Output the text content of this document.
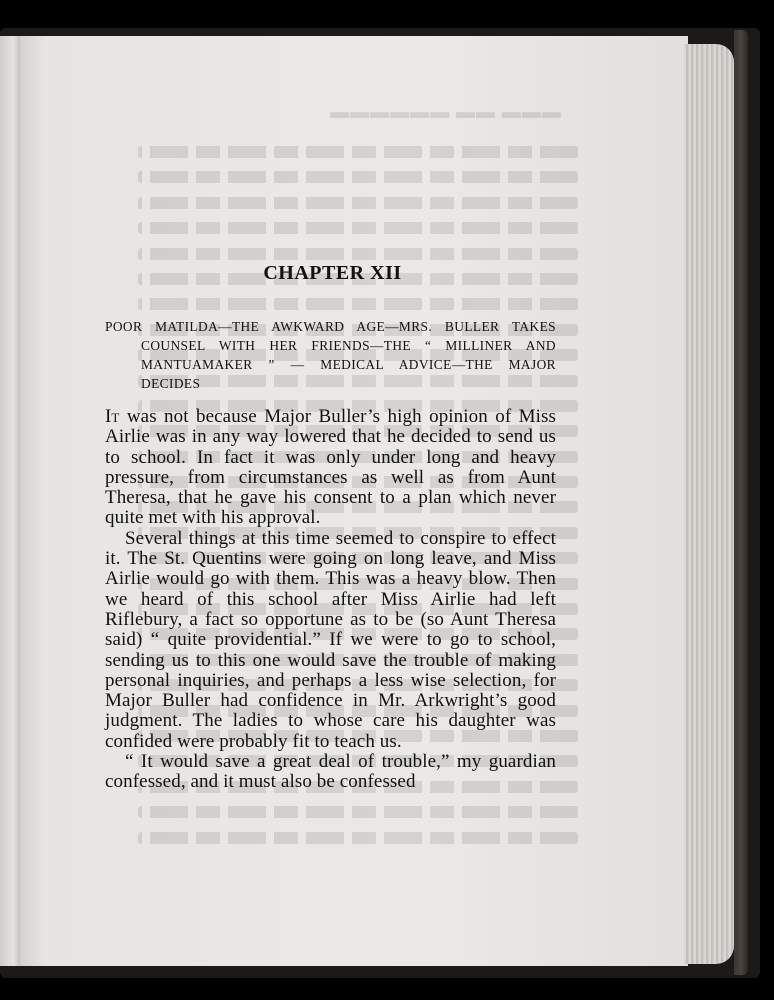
▬▬▬ ▬▬ ▬▬▬▬▬▬
CHAPTER XII

POOR MATILDA—THE AWKWARD AGE—MRS. BULLER TAKES COUNSEL WITH HER FRIENDS—THE “ MILLINER AND MANTUAMAKER ” — MEDICAL ADVICE—THE MAJOR DECIDES

It was not because Major Buller’s high opinion of Miss Airlie was in any way lowered that he decided to send us to school. In fact it was only under long and heavy pressure, from circumstances as well as from Aunt Theresa, that he gave his consent to a plan which never quite met with his approval.

Several things at this time seemed to conspire to effect it. The St. Quentins were going on long leave, and Miss Airlie would go with them. This was a heavy blow. Then we heard of this school after Miss Airlie had left Riflebury, a fact so opportune as to be (so Aunt Theresa said) “ quite providential.” If we were to go to school, sending us to this one would save the trouble of making personal inquiries, and perhaps a less wise selection, for Major Buller had confidence in Mr. Arkwright’s good judgment. The ladies to whose care his daughter was confided were probably fit to teach us.

“ It would save a great deal of trouble,” my guardian confessed, and it must also be confessed
